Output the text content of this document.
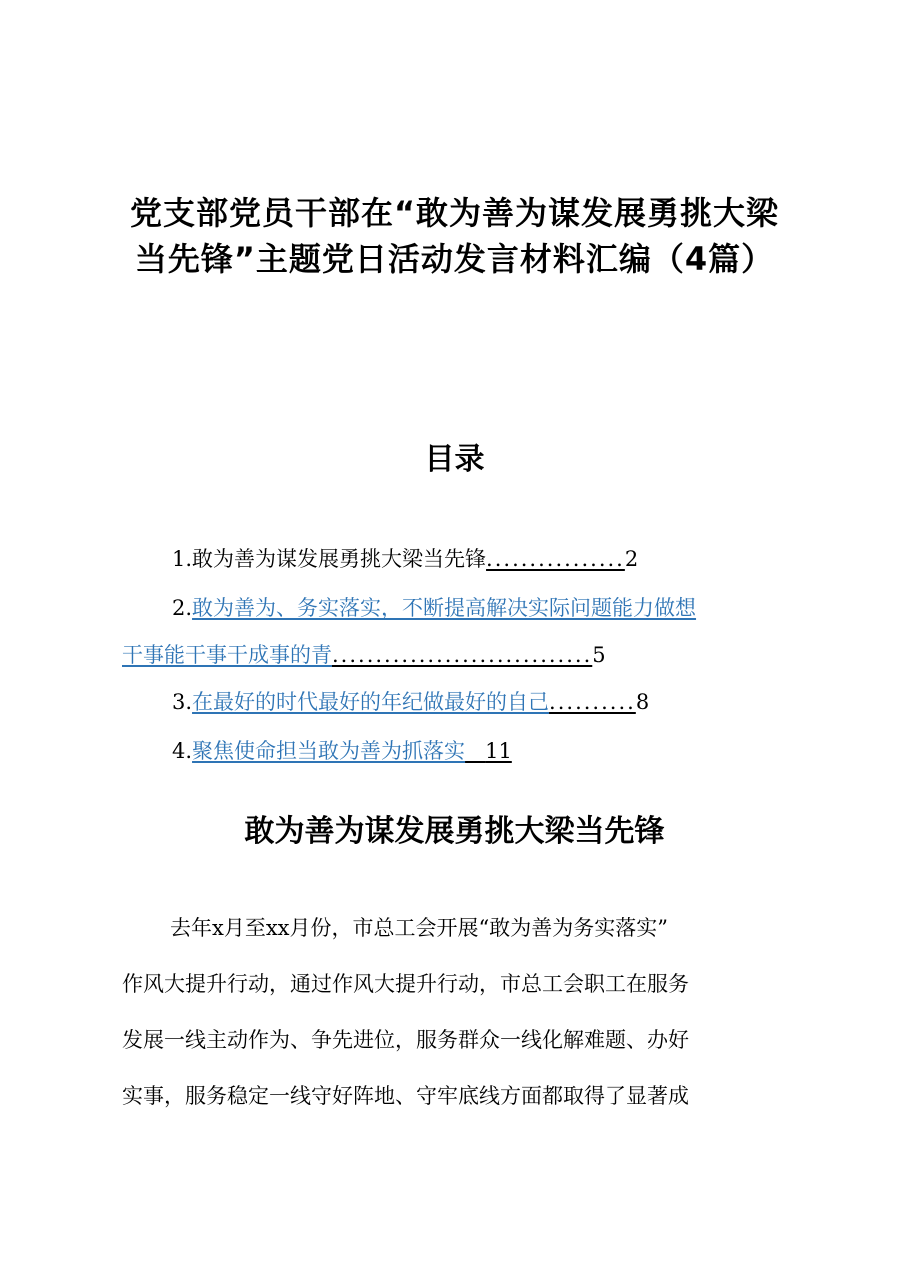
党支部党员干部在“敢为善为谋发展勇挑大梁
当先锋”主题党日活动发言材料汇编（4篇）
目录
1.敢为善为谋发展勇挑大梁当先锋................2
2.敢为善为、务实落实，不断提高解决实际问题能力做想
干事能干事干成事的青..............................5
3.在最好的时代最好的年纪做最好的自己..........8
4.聚焦使命担当敢为善为抓落实 11
敢为善为谋发展勇挑大梁当先锋
去年x月至xx月份，市总工会开展“敢为善为务实落实”
作风大提升行动，通过作风大提升行动，市总工会职工在服务
发展一线主动作为、争先进位，服务群众一线化解难题、办好
实事，服务稳定一线守好阵地、守牢底线方面都取得了显著成
